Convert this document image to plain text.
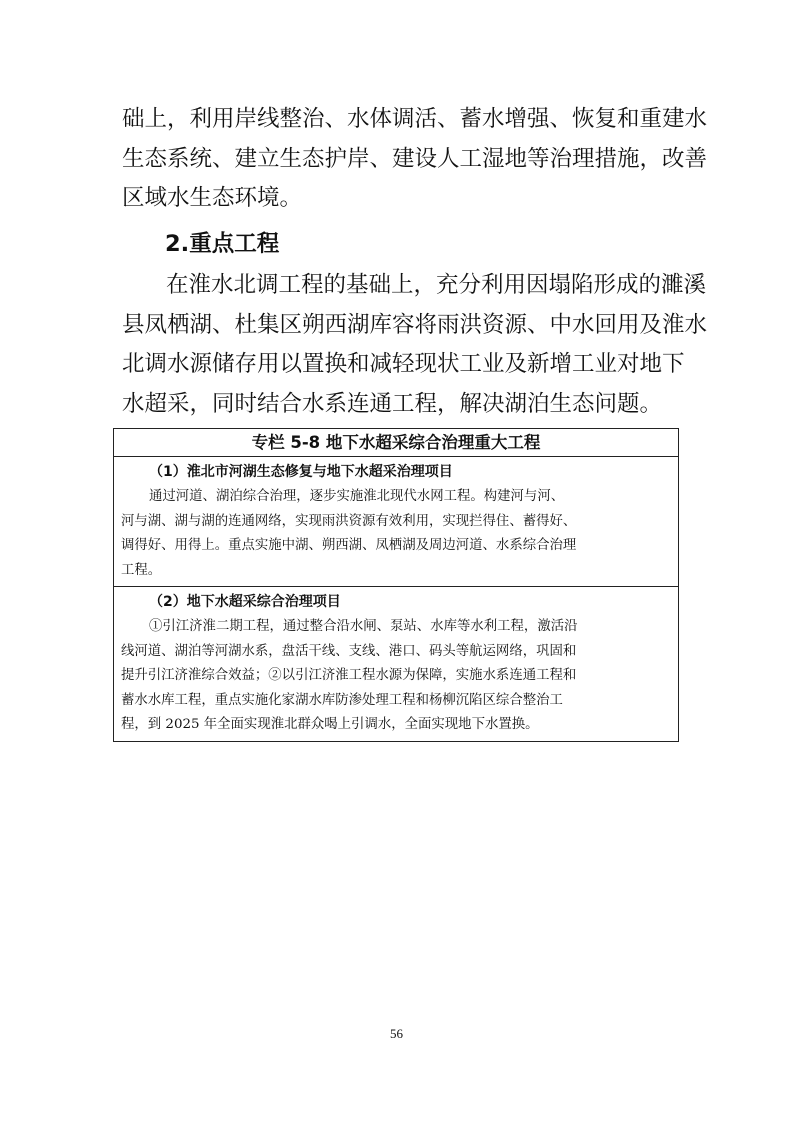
础上，利用岸线整治、水体调活、蓄水增强、恢复和重建水
生态系统、建立生态护岸、建设人工湿地等治理措施，改善
区域水生态环境。
2.重点工程
在淮水北调工程的基础上，充分利用因塌陷形成的濉溪
县凤栖湖、杜集区朔西湖库容将雨洪资源、中水回用及淮水
北调水源储存用以置换和减轻现状工业及新增工业对地下
水超采，同时结合水系连通工程，解决湖泊生态问题。
专栏 5-8 地下水超采综合治理重大工程
（1）淮北市河湖生态修复与地下水超采治理项目
通过河道、湖泊综合治理，逐步实施淮北现代水网工程。构建河与河、
河与湖、湖与湖的连通网络，实现雨洪资源有效利用，实现拦得住、蓄得好、
调得好、用得上。重点实施中湖、朔西湖、凤栖湖及周边河道、水系综合治理
工程。
（2）地下水超采综合治理项目
①引江济淮二期工程，通过整合沿水闸、泵站、水库等水利工程，激活沿
线河道、湖泊等河湖水系，盘活干线、支线、港口、码头等航运网络，巩固和
提升引江济淮综合效益；②以引江济淮工程水源为保障，实施水系连通工程和
蓄水水库工程，重点实施化家湖水库防渗处理工程和杨柳沉陷区综合整治工
程，到 2025 年全面实现淮北群众喝上引调水，全面实现地下水置换。
56
